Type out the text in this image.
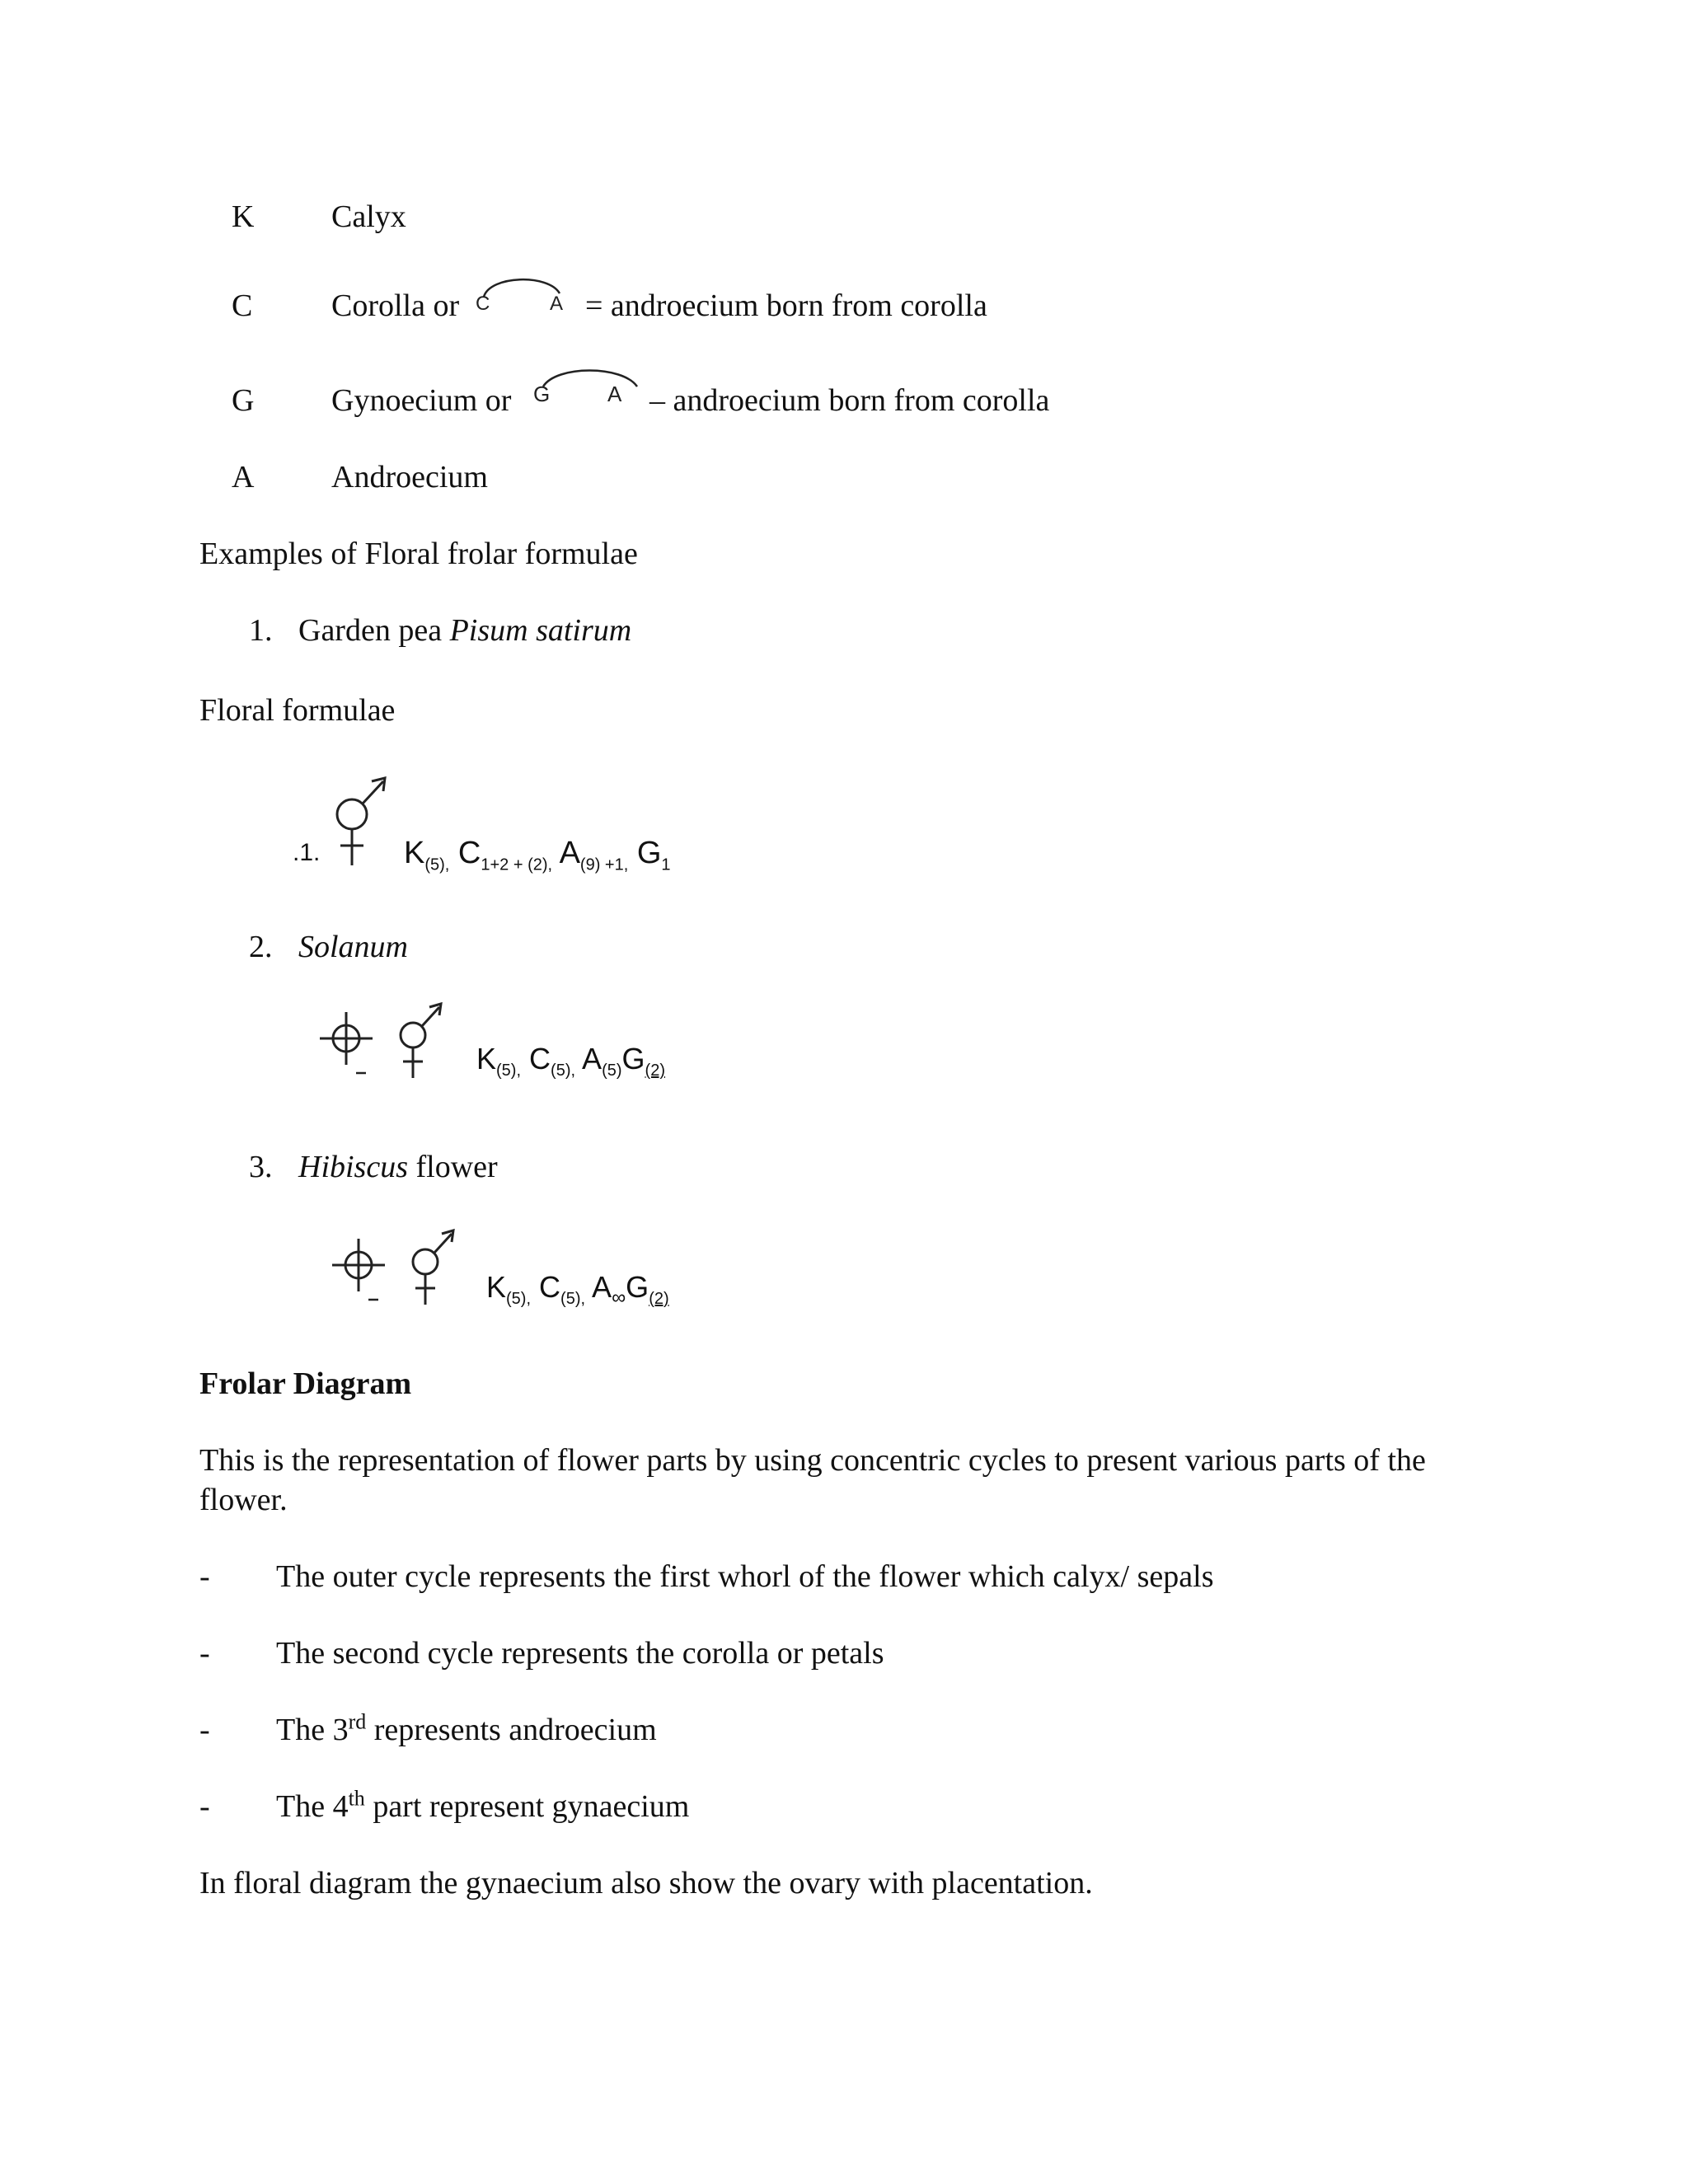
K Calyx
C	Corolla or C	A = androecium born from corolla
G Gynoecium or G	A – androecium born from corolla
A Androecium
Examples of Floral frolar formulae
1. Garden pea Pisum satirum
Floral formulae
.1.	$K_{(5),}$ $C_{1+2 + (2),}$ $A_{(9) +1,}$ $G_1$
2. Solanum
$K_{(5),}$ $C_{(5),}$ $A_{(5)}G_{(2)}$
3. Hibiscus flower
$K_{(5),}$ $C_{(5),}$ $A_\infty G_{(2)}$
Frolar Diagram
This is the representation of flower parts by using concentric cycles to present various parts of the flower.
- The outer cycle represents the first whorl of the flower which calyx/ sepals
- The second cycle represents the corolla or petals
- The 3rd represents androecium
- The 4th part represent gynaecium
In floral diagram the gynaecium also show the ovary with placentation.
